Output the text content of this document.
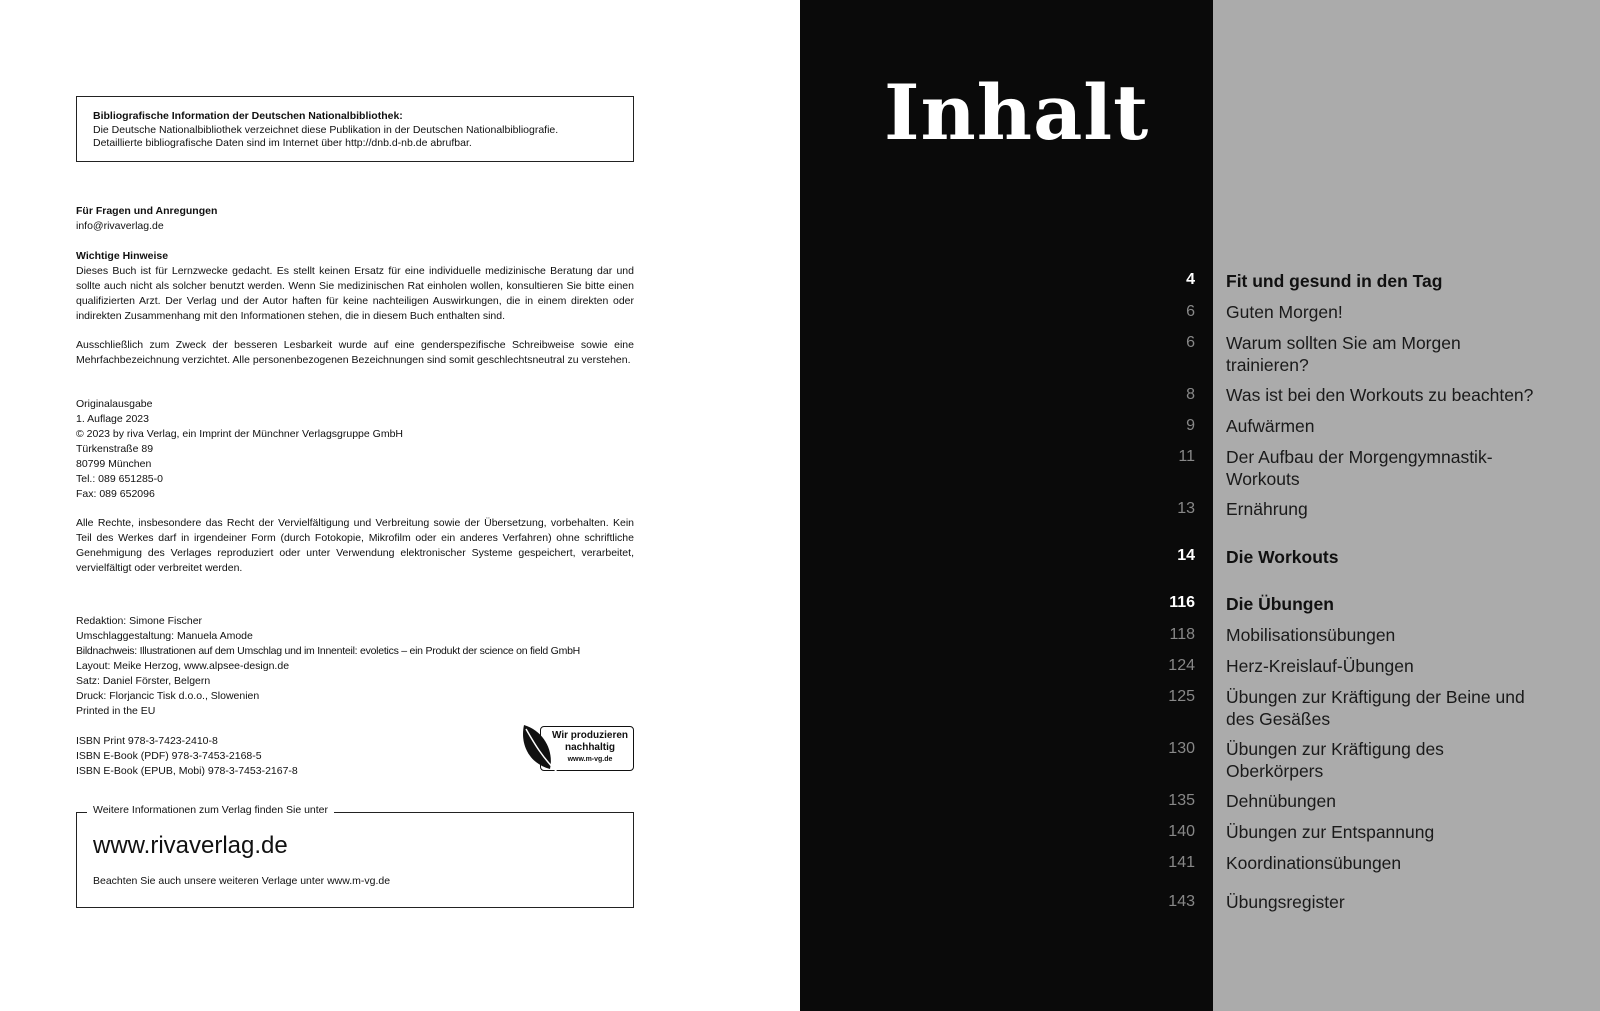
Bibliografische Information der Deutschen Nationalbibliothek:
Die Deutsche Nationalbibliothek verzeichnet diese Publikation in der Deutschen Nationalbibliografie.
Detaillierte bibliografische Daten sind im Internet über http://dnb.d-nb.de abrufbar.
Für Fragen und Anregungen
info@rivaverlag.de
Wichtige Hinweise
Dieses Buch ist für Lernzwecke gedacht. Es stellt keinen Ersatz für eine individuelle medizinische Beratung dar und sollte auch nicht als solcher benutzt werden. Wenn Sie medizinischen Rat einholen wollen, konsultieren Sie bitte einen qualifizierten Arzt. Der Verlag und der Autor haften für keine nachteiligen Auswirkungen, die in einem direkten oder indirekten Zusammenhang mit den Informationen stehen, die in diesem Buch enthalten sind.
Ausschließlich zum Zweck der besseren Lesbarkeit wurde auf eine genderspezifische Schreibweise sowie eine Mehrfachbezeichnung verzichtet. Alle personenbezogenen Bezeichnungen sind somit geschlechtsneutral zu verstehen.
Originalausgabe
1. Auflage 2023
© 2023 by riva Verlag, ein Imprint der Münchner Verlagsgruppe GmbH
Türkenstraße 89
80799 München
Tel.: 089 651285-0
Fax: 089 652096
Alle Rechte, insbesondere das Recht der Vervielfältigung und Verbreitung sowie der Übersetzung, vorbehalten. Kein Teil des Werkes darf in irgendeiner Form (durch Fotokopie, Mikrofilm oder ein anderes Verfahren) ohne schriftliche Genehmigung des Verlages reproduziert oder unter Verwendung elektronischer Systeme gespeichert, verarbeitet, vervielfältigt oder verbreitet werden.
Redaktion: Simone Fischer
Umschlaggestaltung: Manuela Amode
Bildnachweis: Illustrationen auf dem Umschlag und im Innenteil: evoletics – ein Produkt der science on field GmbH
Layout: Meike Herzog, www.alpsee-design.de
Satz: Daniel Förster, Belgern
Druck: Florjancic Tisk d.o.o., Slowenien
Printed in the EU
ISBN Print 978-3-7423-2410-8
ISBN E-Book (PDF) 978-3-7453-2168-5
ISBN E-Book (EPUB, Mobi) 978-3-7453-2167-8
Wir produzieren
nachhaltig
www.m-vg.de
Weitere Informationen zum Verlag finden Sie unter
www.rivaverlag.de
Beachten Sie auch unsere weiteren Verlage unter www.m-vg.de
Inhalt
4 Fit und gesund in den Tag
6 Guten Morgen!
6 Warum sollten Sie am Morgen trainieren?
8 Was ist bei den Workouts zu beachten?
9 Aufwärmen
11 Der Aufbau der Morgengymnastik-Workouts
13 Ernährung
14 Die Workouts
116 Die Übungen
118 Mobilisationsübungen
124 Herz-Kreislauf-Übungen
125 Übungen zur Kräftigung der Beine und des Gesäßes
130 Übungen zur Kräftigung des Oberkörpers
135 Dehnübungen
140 Übungen zur Entspannung
141 Koordinationsübungen
143 Übungsregister
